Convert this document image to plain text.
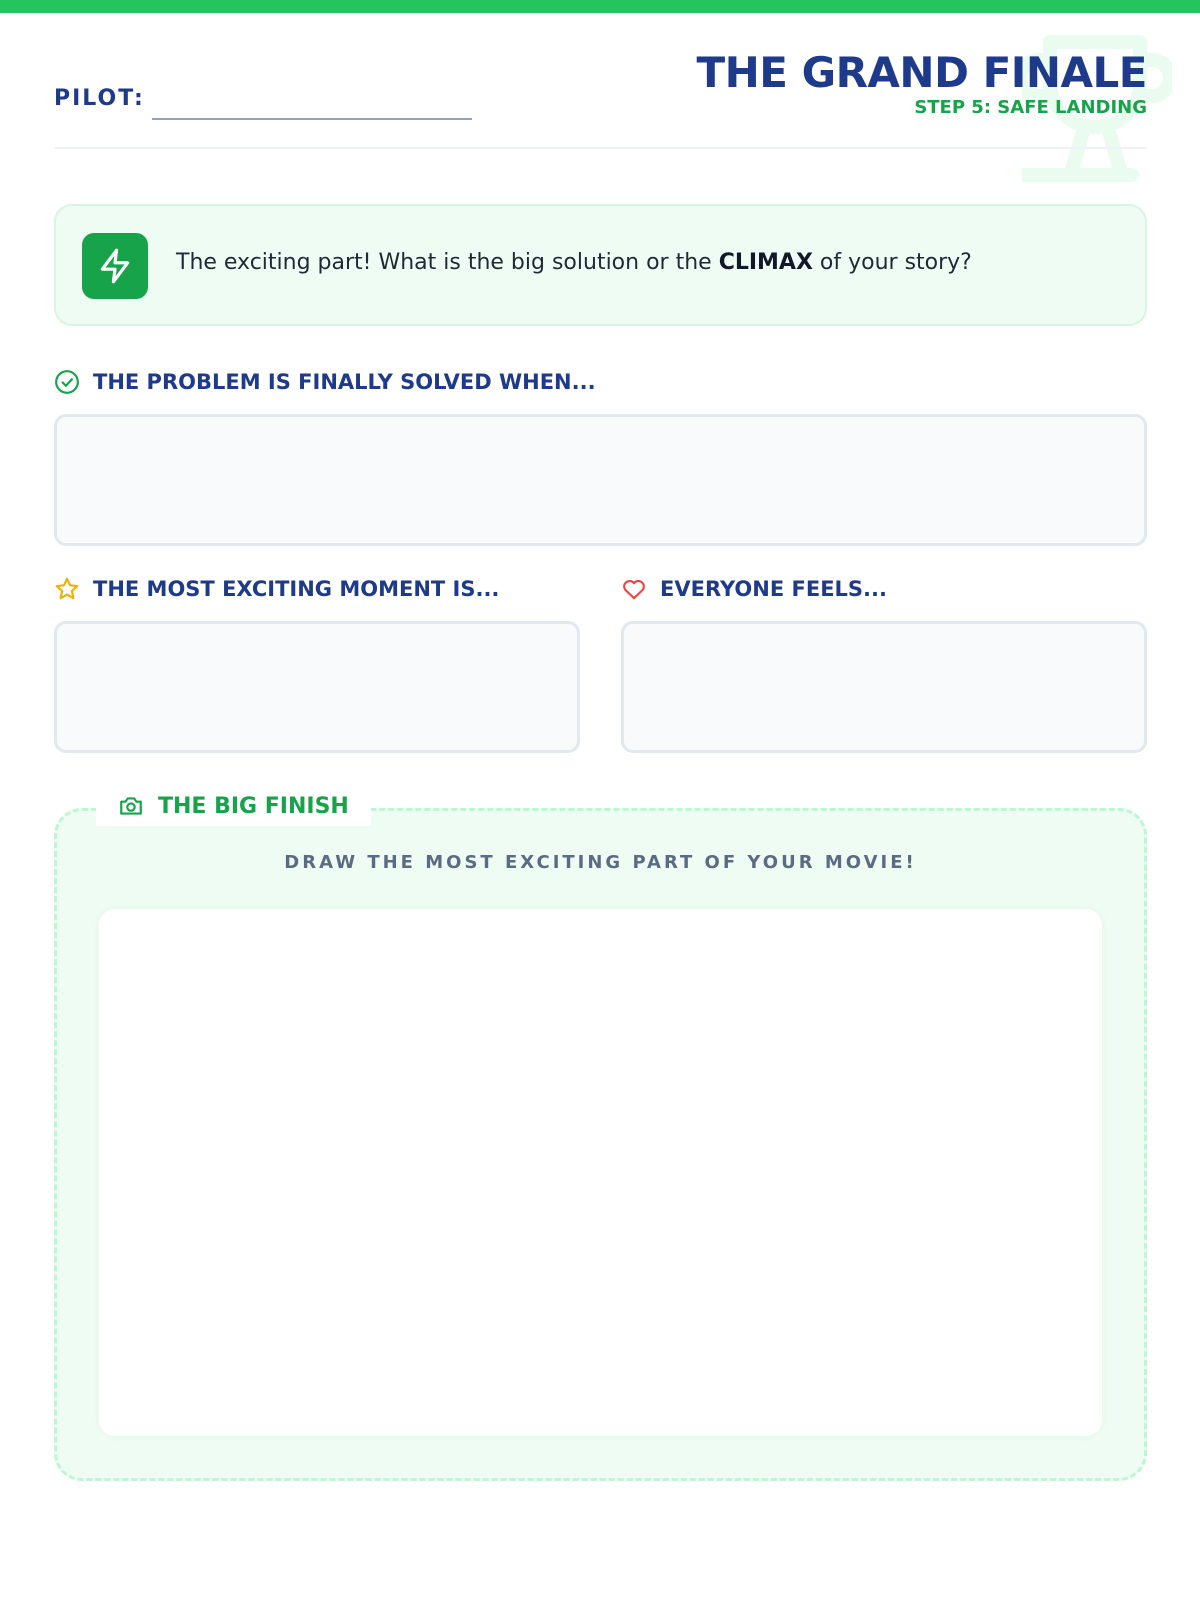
PILOT:
THE GRAND FINALE
STEP 5: SAFE LANDING
The exciting part! What is the big solution or the CLIMAX of your story?
THE PROBLEM IS FINALLY SOLVED WHEN...
THE MOST EXCITING MOMENT IS...	EVERYONE FEELS...
THE BIG FINISH
DRAW THE MOST EXCITING PART OF YOUR MOVIE!
